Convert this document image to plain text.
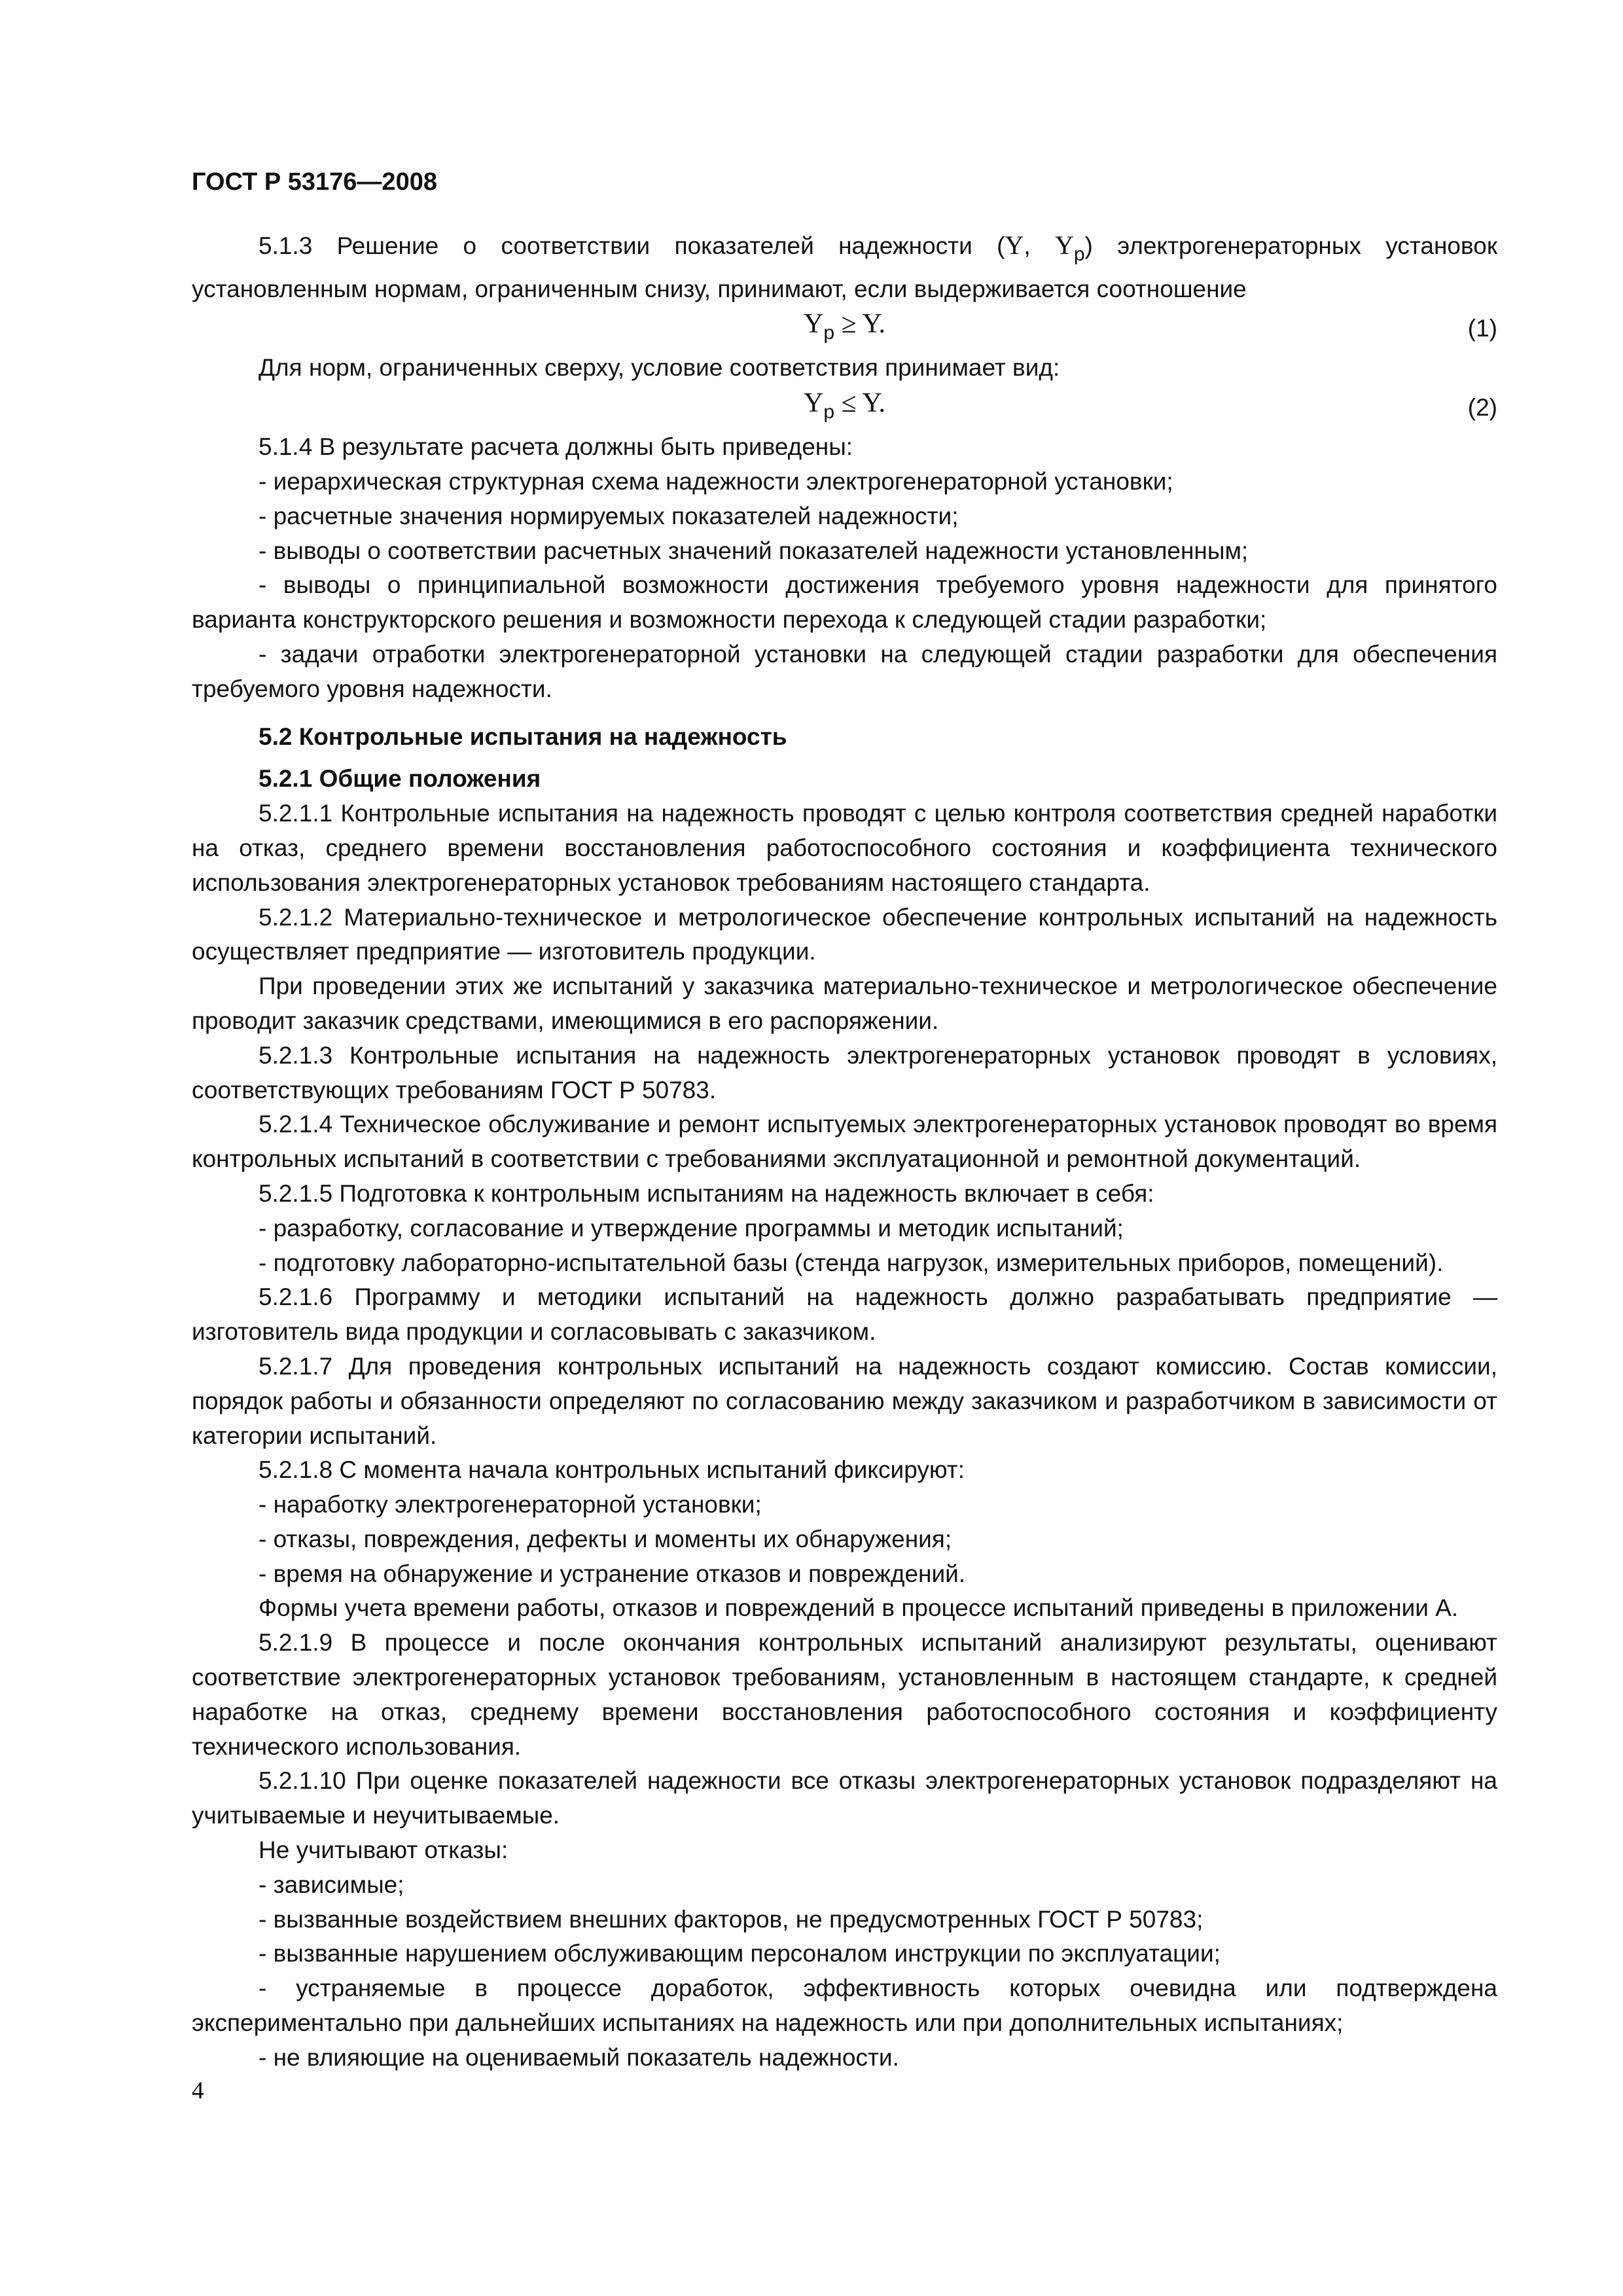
ГОСТ Р 53176—2008

5.1.3 Решение о соответствии показателей надежности (Y, $Y_p$) электрогенераторных установок установленным нормам, ограниченным снизу, принимают, если выдерживается соотношение

$Y_p \ge Y$.	(1)

Для норм, ограниченных сверху, условие соответствия принимает вид:

$Y_p \le Y$.	(2)

5.1.4 В результате расчета должны быть приведены:

- иерархическая структурная схема надежности электрогенераторной установки;

- расчетные значения нормируемых показателей надежности;

- выводы о соответствии расчетных значений показателей надежности установленным;

- выводы о принципиальной возможности достижения требуемого уровня надежности для принятого варианта конструкторского решения и возможности перехода к следующей стадии разработки;

- задачи отработки электрогенераторной установки на следующей стадии разработки для обеспечения требуемого уровня надежности.

5.2 Контрольные испытания на надежность
5.2.1 Общие положения

5.2.1.1 Контрольные испытания на надежность проводят с целью контроля соответствия средней наработки на отказ, среднего времени восстановления работоспособного состояния и коэффициента технического использования электрогенераторных установок требованиям настоящего стандарта.

5.2.1.2 Материально-техническое и метрологическое обеспечение контрольных испытаний на надежность осуществляет предприятие — изготовитель продукции.

При проведении этих же испытаний у заказчика материально-техническое и метрологическое обеспечение проводит заказчик средствами, имеющимися в его распоряжении.

5.2.1.3 Контрольные испытания на надежность электрогенераторных установок проводят в условиях, соответствующих требованиям ГОСТ Р 50783.

5.2.1.4 Техническое обслуживание и ремонт испытуемых электрогенераторных установок проводят во время контрольных испытаний в соответствии с требованиями эксплуатационной и ремонтной документаций.

5.2.1.5 Подготовка к контрольным испытаниям на надежность включает в себя:

- разработку, согласование и утверждение программы и методик испытаний;

- подготовку лабораторно-испытательной базы (стенда нагрузок, измерительных приборов, помещений).

5.2.1.6 Программу и методики испытаний на надежность должно разрабатывать предприятие — изготовитель вида продукции и согласовывать с заказчиком.

5.2.1.7 Для проведения контрольных испытаний на надежность создают комиссию. Состав комиссии, порядок работы и обязанности определяют по согласованию между заказчиком и разработчиком в зависимости от категории испытаний.

5.2.1.8 С момента начала контрольных испытаний фиксируют:

- наработку электрогенераторной установки;

- отказы, повреждения, дефекты и моменты их обнаружения;

- время на обнаружение и устранение отказов и повреждений.

Формы учета времени работы, отказов и повреждений в процессе испытаний приведены в приложении А.

5.2.1.9 В процессе и после окончания контрольных испытаний анализируют результаты, оценивают соответствие электрогенераторных установок требованиям, установленным в настоящем стандарте, к средней наработке на отказ, среднему времени восстановления работоспособного состояния и коэффициенту технического использования.

5.2.1.10 При оценке показателей надежности все отказы электрогенераторных установок подразделяют на учитываемые и неучитываемые.

Не учитывают отказы:

- зависимые;

- вызванные воздействием внешних факторов, не предусмотренных ГОСТ Р 50783;

- вызванные нарушением обслуживающим персоналом инструкции по эксплуатации;

- устраняемые в процессе доработок, эффективность которых очевидна или подтверждена экспериментально при дальнейших испытаниях на надежность или при дополнительных испытаниях;

- не влияющие на оцениваемый показатель надежности.

4
